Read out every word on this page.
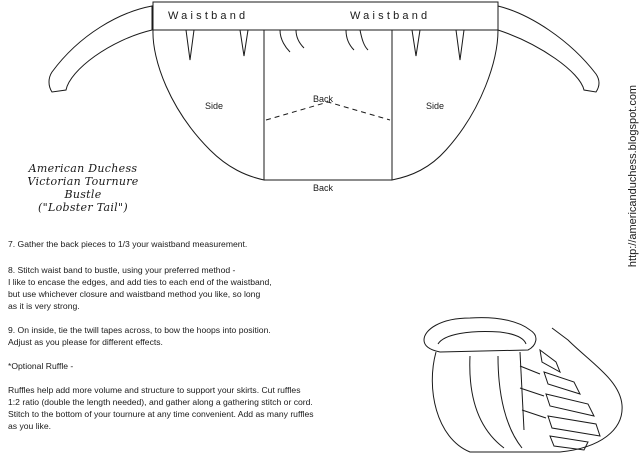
Waistband	Waistband
Side	Side
Back
Back
American Duchess
Victorian Tournure Bustle
("Lobster Tail")	http://americanduchess.blogspot.com
7. Gather the back pieces to 1/3 your waistband measurement.
8. Stitch waist band to bustle, using your preferred method -
I like to encase the edges, and add ties to each end of the waistband,
but use whichever closure and waistband method you like, so long
as it is very strong.
9. On inside, tie the twill tapes across, to bow the hoops into position.
Adjust as you please for different effects.
*Optional Ruffle -
Ruffles help add more volume and structure to support your skirts. Cut ruffles
1:2 ratio (double the length needed), and gather along a gathering stitch or cord.
Stitch to the bottom of your tournure at any time convenient. Add as many ruffles
as you like.
